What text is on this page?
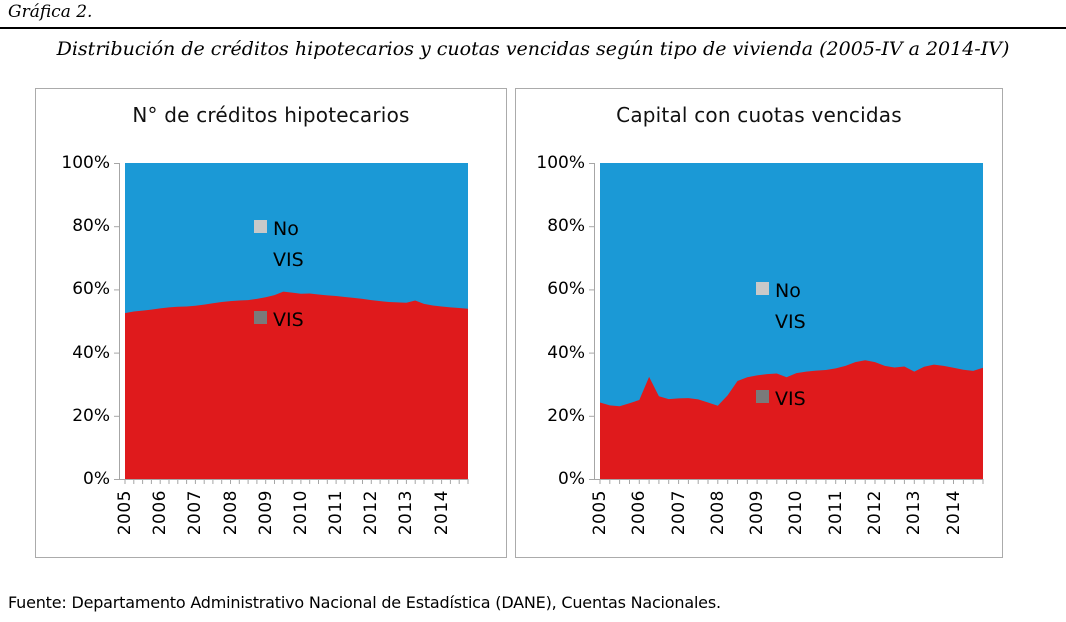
Gráfica 2.
Distribución de créditos hipotecarios y cuotas vencidas según tipo de vivienda (2005-IV a 2014-IV)
N° de créditos hipotecarios
No
VIS
VIS
0%
20%
40%
60%
80%
100%
2005 2006 2007 2008 2009 2010 2011 2012 2013 2014
Capital con cuotas vencidas
No
VIS
VIS
0%
20%
40%
60%
80%
100%
2005 2006 2007 2008 2009 2010 2011 2012 2013 2014
Fuente: Departamento Administrativo Nacional de Estadística (DANE), Cuentas Nacionales.
